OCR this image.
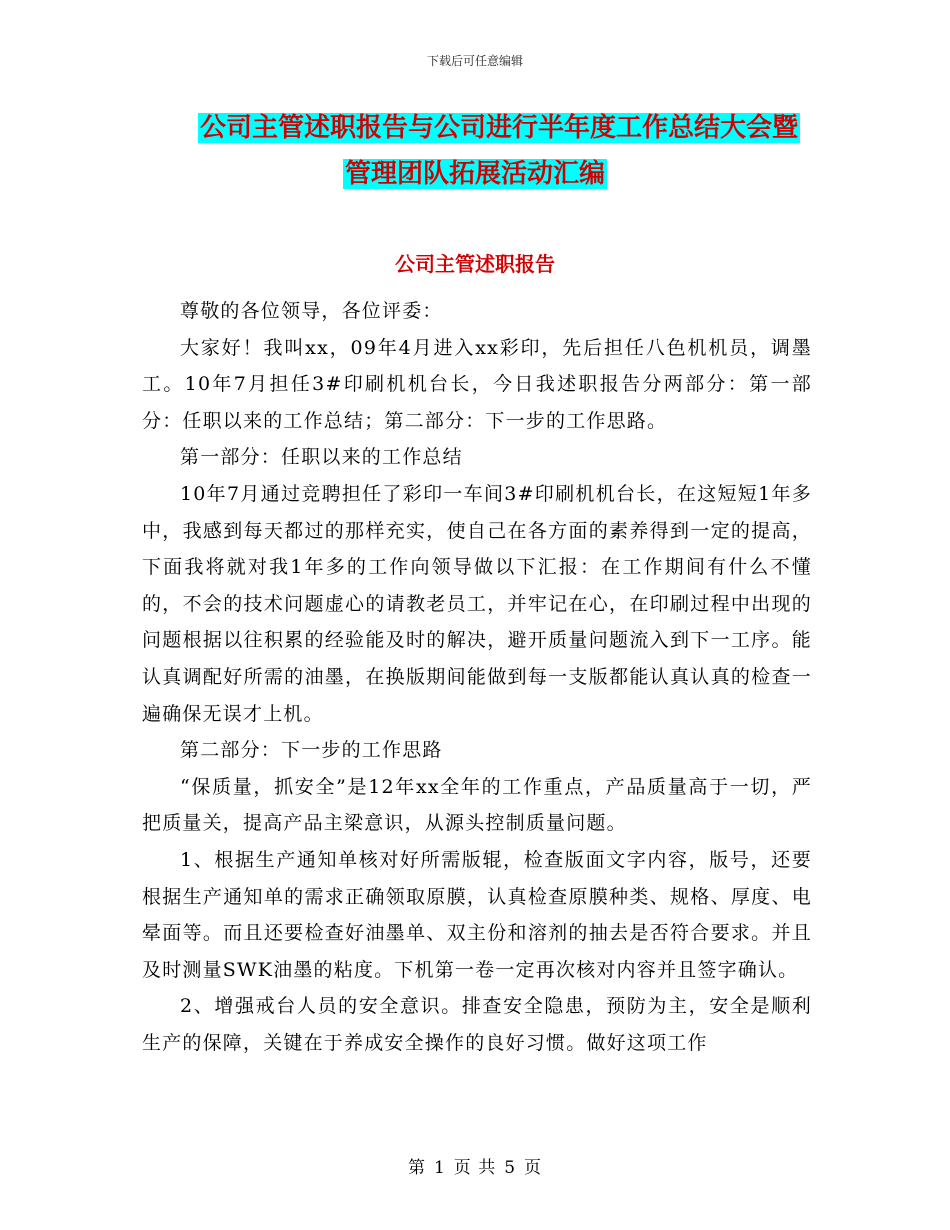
下载后可任意编辑
公司主管述职报告与公司进行半年度工作总结大会暨
管理团队拓展活动汇编
公司主管述职报告

尊敬的各位领导，各位评委：

大家好！我叫xx，09年4月进入xx彩印，先后担任八色机机员，调墨工。10年7月担任3#印刷机机台长，今日我述职报告分两部分：第一部分：任职以来的工作总结；第二部分：下一步的工作思路。

第一部分：任职以来的工作总结

10年7月通过竞聘担任了彩印一车间3#印刷机机台长，在这短短1年多中，我感到每天都过的那样充实，使自己在各方面的素养得到一定的提高，下面我将就对我1年多的工作向领导做以下汇报：在工作期间有什么不懂的，不会的技术问题虚心的请教老员工，并牢记在心，在印刷过程中出现的问题根据以往积累的经验能及时的解决，避开质量问题流入到下一工序。能认真调配好所需的油墨，在换版期间能做到每一支版都能认真认真的检查一遍确保无误才上机。

第二部分：下一步的工作思路

“保质量，抓安全”是12年xx全年的工作重点，产品质量高于一切，严把质量关，提高产品主梁意识，从源头控制质量问题。

1、根据生产通知单核对好所需版辊，检查版面文字内容，版号，还要根据生产通知单的需求正确领取原膜，认真检查原膜种类、规格、厚度、电晕面等。而且还要检查好油墨单、双主份和溶剂的抽去是否符合要求。并且及时测量SWK油墨的粘度。下机第一卷一定再次核对内容并且签字确认。

2、增强戒台人员的安全意识。排查安全隐患，预防为主，安全是顺利生产的保障，关键在于养成安全操作的良好习惯。做好这项工作

第 1 页 共 5 页
